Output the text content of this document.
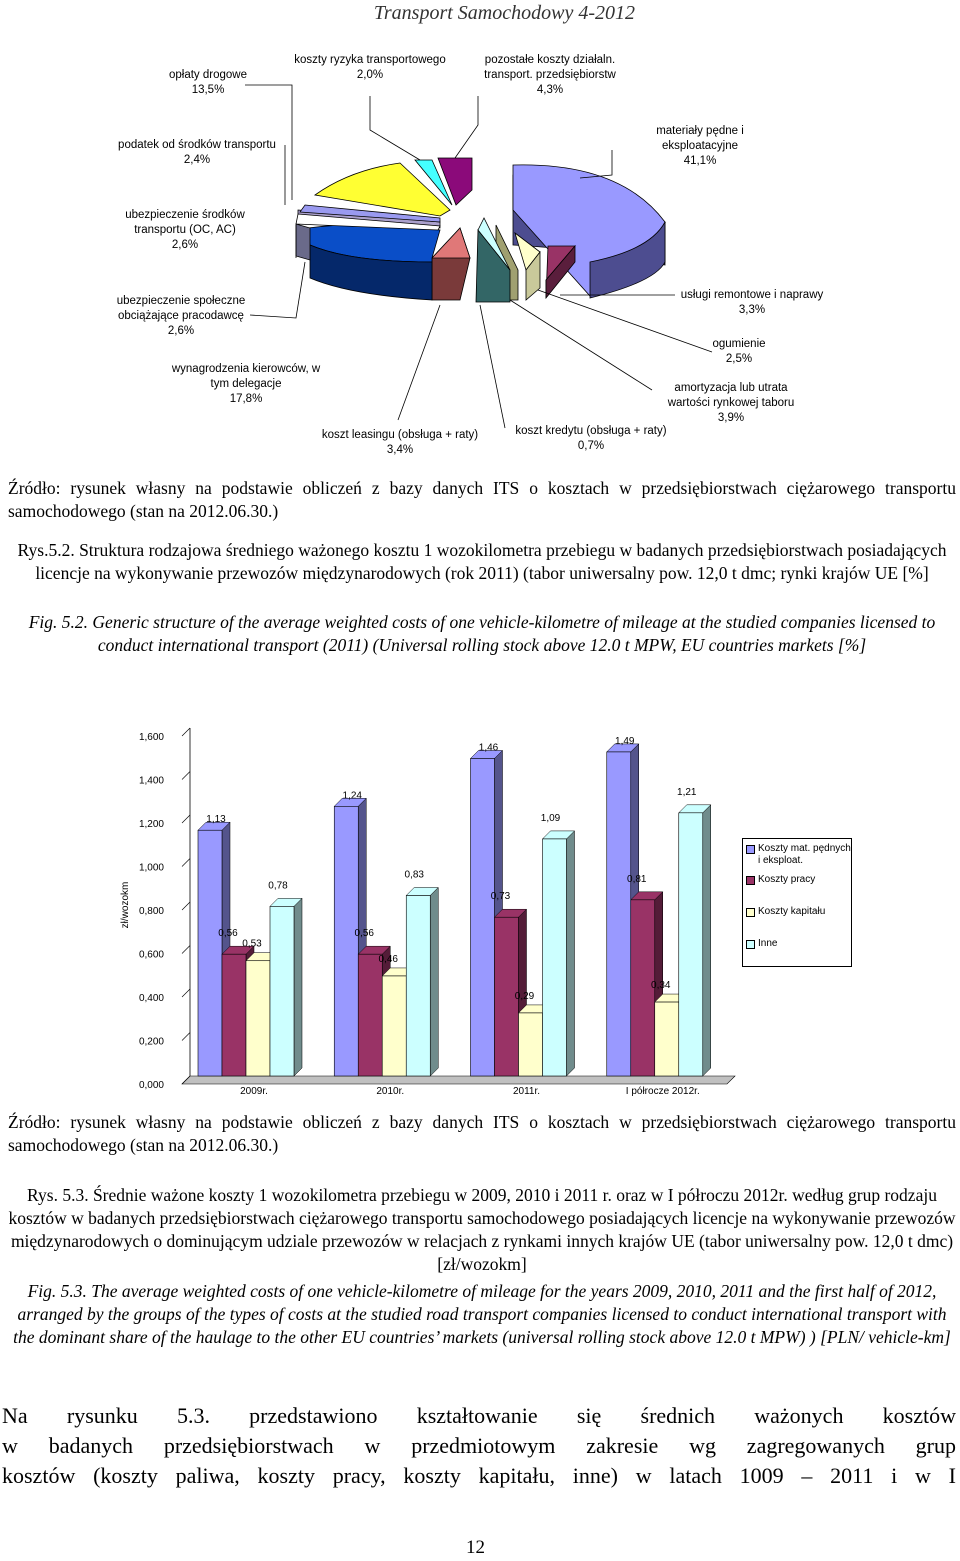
Transport Samochodowy 4-2012
opłaty drogowe
13,5%
koszty ryzyka transportowego
2,0%
pozostałe koszty działaln. transport. przedsiębiorstw
4,3%
podatek od środków transportu
2,4%
materiały pędne i eksploatacyjne
41,1%
ubezpieczenie środków transportu (OC, AC)
2,6%
ubezpieczenie społeczne obciążające pracodawcę
2,6%
usługi remontowe i naprawy
3,3%
ogumienie
2,5%
wynagrodzenia kierowców, w tym delegacje
17,8%
amortyzacja lub utrata wartości rynkowej taboru
3,9%
koszt leasingu (obsługa + raty)
3,4%
koszt kredytu (obsługa + raty)
0,7%
Źródło: rysunek własny na podstawie obliczeń z bazy danych ITS o kosztach w przedsiębiorstwach ciężarowego transportu samochodowego (stan na 2012.06.30.)
Rys.5.2. Struktura rodzajowa średniego ważonego kosztu 1 wozokilometra przebiegu w badanych przedsiębiorstwach posiadających licencje na wykonywanie przewozów międzynarodowych (rok 2011) (tabor uniwersalny pow. 12,0 t dmc; rynki krajów UE [%]
Fig. 5.2. Generic structure of the average weighted costs of one vehicle-kilometre of mileage at the studied companies licensed to conduct international transport (2011) (Universal rolling stock above 12.0 t MPW, EU countries markets [%]
0,000
0,200
0,400
0,600
0,800
1,000
1,200
1,400
1,600
zł/wozokm
1,13
0,56
0,53
0,78
2009r.
1,24
0,56
0,46
0,83
2010r.
1,46
0,73
0,29
1,09
2011r.
1,49
0,81
0,34
1,21
I półrocze 2012r.
Koszty mat. pędnych i eksploat.
Koszty pracy
Koszty kapitału
Inne
Źródło: rysunek własny na podstawie obliczeń z bazy danych ITS o kosztach w przedsiębiorstwach ciężarowego transportu samochodowego (stan na 2012.06.30.)
Rys. 5.3. Średnie ważone koszty 1 wozokilometra przebiegu w 2009, 2010 i 2011 r. oraz w I półroczu 2012r. według grup rodzaju kosztów w badanych przedsiębiorstwach ciężarowego transportu samochodowego posiadających licencje na wykonywanie przewozów międzynarodowych o dominującym udziale przewozów w relacjach z rynkami innych krajów UE (tabor uniwersalny pow. 12,0 t dmc) [zł/wozokm]
Fig. 5.3. The average weighted costs of one vehicle-kilometre of mileage for the years 2009, 2010, 2011 and the first half of 2012, arranged by the groups of the types of costs at the studied road transport companies licensed to conduct international transport with the dominant share of the haulage to the other EU countries’ markets (universal rolling stock above 12.0 t MPW) ) [PLN/ vehicle-km]
Na rysunku 5.3. przedstawiono kształtowanie się średnich ważonych kosztów
w badanych przedsiębiorstwach w przedmiotowym zakresie wg zagregowanych grup
kosztów (koszty paliwa, koszty pracy, koszty kapitału, inne) w latach 1009 – 2011 i w I
12
